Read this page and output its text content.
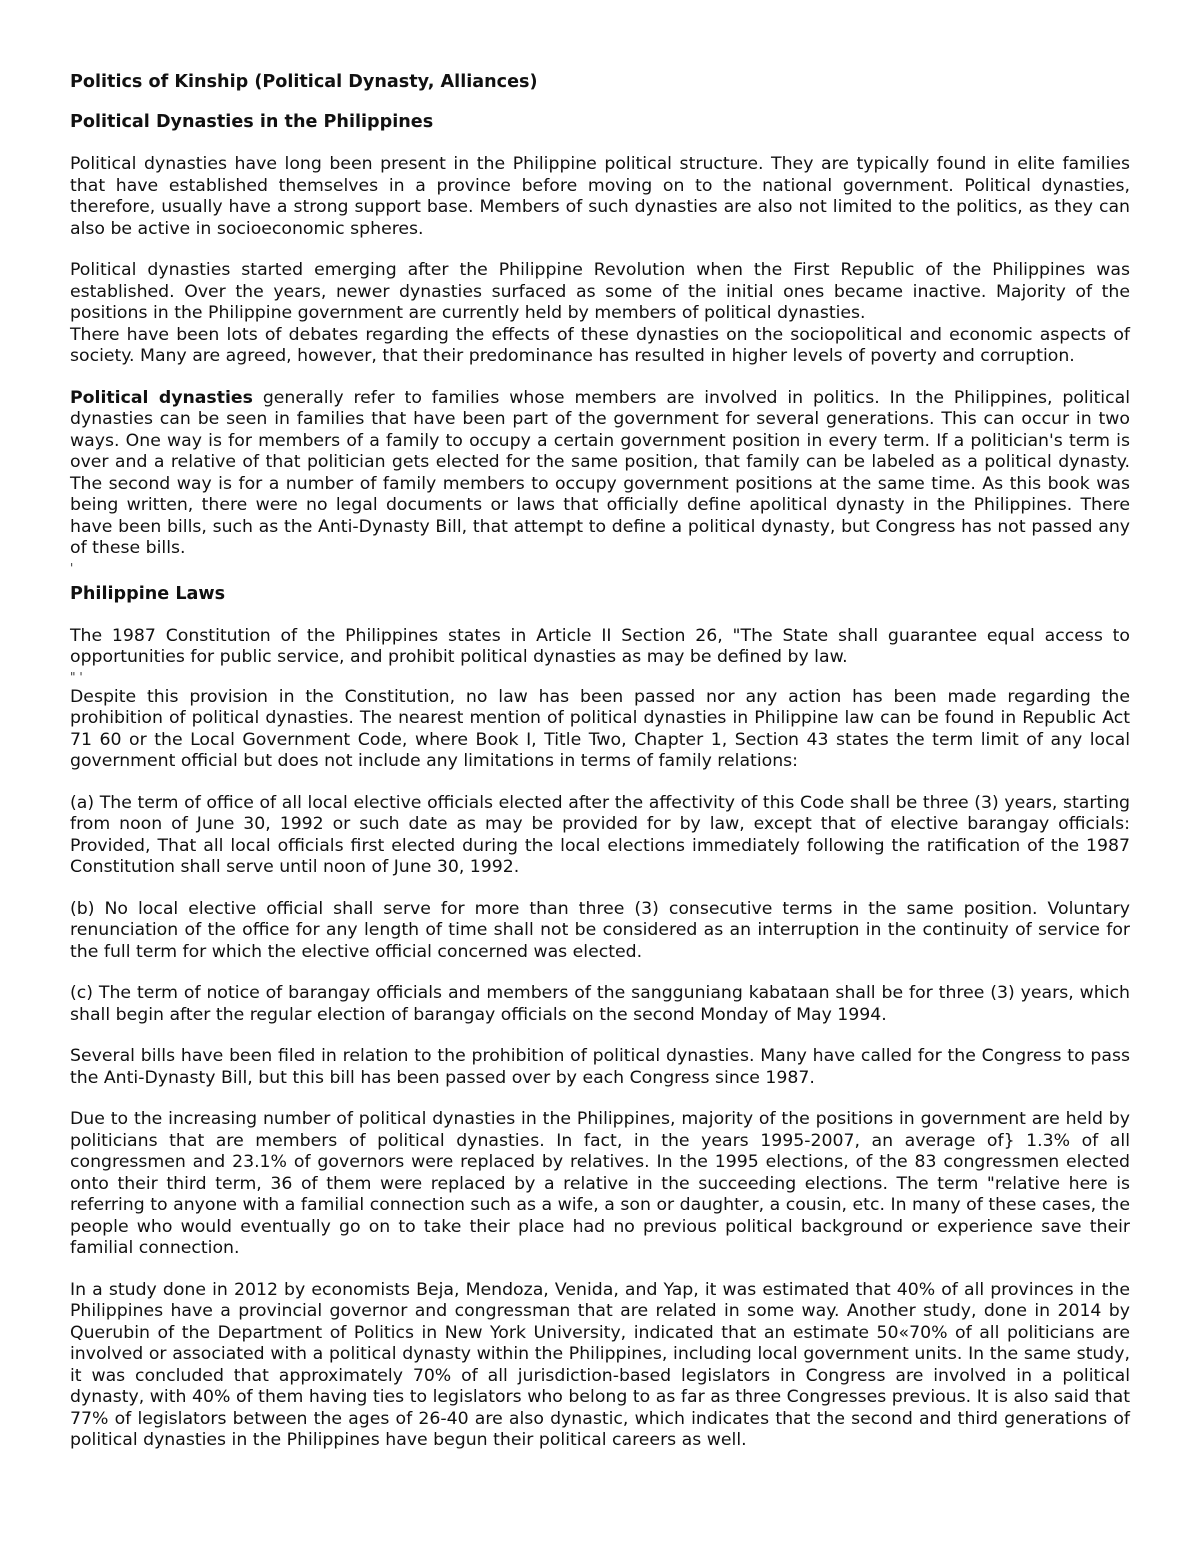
Politics of Kinship (Political Dynasty, Alliances)
Political Dynasties in the Philippines

Political dynasties have long been present in the Philippine political structure. They are typically found in elite families that have established themselves in a province before moving on to the national government. Political dynasties, therefore, usually have a strong support base. Members of such dynasties are also not limited to the politics, as they can also be active in socioeconomic spheres.

Political dynasties started emerging after the Philippine Revolution when the First Republic of the Philippines was established. Over the years, newer dynasties surfaced as some of the initial ones became inactive. Majority of the positions in the Philippine government are currently held by members of political dynasties.

There have been lots of debates regarding the effects of these dynasties on the sociopolitical and economic aspects of society. Many are agreed, however, that their predominance has resulted in higher levels of poverty and corruption.

Political dynasties generally refer to families whose members are involved in politics. In the Philippines, political dynasties can be seen in families that have been part of the government for several generations. This can occur in two ways. One way is for members of a family to occupy a certain government position in every term. If a politician's term is over and a relative of that politician gets elected for the same position, that family can be labeled as a political dynasty. The second way is for a number of family members to occupy government positions at the same time. As this book was being written, there were no legal documents or laws that officially define apolitical dynasty in the Philippines. There have been bills, such as the Anti-Dynasty Bill, that attempt to define a political dynasty, but Congress has not passed any of these bills.

'
Philippine Laws

The 1987 Constitution of the Philippines states in Article II Section 26, "The State shall guarantee equal access to opportunities for public service, and prohibit political dynasties as may be defined by law.

" '

Despite this provision in the Constitution, no law has been passed nor any action has been made regarding the prohibition of political dynasties. The nearest mention of political dynasties in Philippine law can be found in Republic Act 71 60 or the Local Government Code, where Book I, Title Two, Chapter 1, Section 43 states the term limit of any local government official but does not include any limitations in terms of family relations:

(a) The term of office of all local elective officials elected after the affectivity of this Code shall be three (3) years, starting from noon of June 30, 1992 or such date as may be provided for by law, except that of elective barangay officials: Provided, That all local officials first elected during the local elections immediately following the ratification of the 1987 Constitution shall serve until noon of June 30, 1992.

(b) No local elective official shall serve for more than three (3) consecutive terms in the same position. Voluntary renunciation of the office for any length of time shall not be considered as an interruption in the continuity of service for the full term for which the elective official concerned was elected.

(c) The term of notice of barangay officials and members of the sangguniang kabataan shall be for three (3) years, which shall begin after the regular election of barangay officials on the second Monday of May 1994.

Several bills have been filed in relation to the prohibition of political dynasties. Many have called for the Congress to pass the Anti-Dynasty Bill, but this bill has been passed over by each Congress since 1987.

Due to the increasing number of political dynasties in the Philippines, majority of the positions in government are held by politicians that are members of political dynasties. In fact, in the years 1995-2007, an average of} 1.3% of all congressmen and 23.1% of governors were replaced by relatives. In the 1995 elections, of the 83 congressmen elected onto their third term, 36 of them were replaced by a relative in the succeeding elections. The term "relative here is referring to anyone with a familial connection such as a wife, a son or daughter, a cousin, etc. In many of these cases, the people who would eventually go on to take their place had no previous political background or experience save their familial connection.

In a study done in 2012 by economists Beja, Mendoza, Venida, and Yap, it was estimated that 40% of all provinces in the Philippines have a provincial governor and congressman that are related in some way. Another study, done in 2014 by Querubin of the Department of Politics in New York University, indicated that an estimate 50«70% of all politicians are involved or associated with a political dynasty within the Philippines, including local government units. In the same study, it was concluded that approximately 70% of all jurisdiction-based legislators in Congress are involved in a political dynasty, with 40% of them having ties to legislators who belong to as far as three Congresses previous. It is also said that 77% of legislators between the ages of 26-40 are also dynastic, which indicates that the second and third generations of political dynasties in the Philippines have begun their political careers as well.
